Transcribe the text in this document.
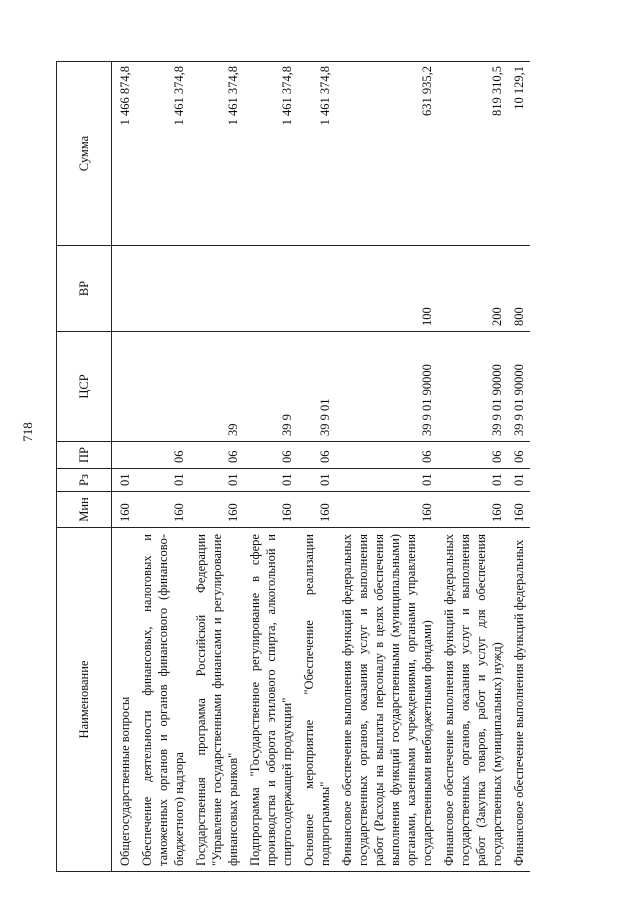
718
Наименование	Мин	Рз	ПР	ЦСР	ВР	Сумма
Общегосударственные вопросы	160	01				1 466 874,8
Обеспечение деятельности финансовых, налоговых и таможенных органов и органов финансового (финансово-бюджетного) надзора	160	01	06			1 461 374,8
Государственная программа Российской Федерации "Управление государственными финансами и регулирование финансовых рынков"	160	01	06	39		1 461 374,8
Подпрограмма "Государственное регулирование в сфере производства и оборота этилового спирта, алкогольной и спиртосодержащей продукции"	160	01	06	39 9		1 461 374,8
Основное мероприятие "Обеспечение реализации подпрограммы"	160	01	06	39 9 01		1 461 374,8
Финансовое обеспечение выполнения функций федеральных государственных органов, оказания услуг и выполнения работ (Расходы на выплаты персоналу в целях обеспечения выполнения функций государственными (муниципальными) органами, казенными учреждениями, органами управления государственными внебюджетными фондами)	160	01	06	39 9 01 90000	100	631 935,2
Финансовое обеспечение выполнения функций федеральных государственных органов, оказания услуг и выполнения работ (Закупка товаров, работ и услуг для обеспечения государственных (муниципальных) нужд)	160	01	06	39 9 01 90000	200	819 310,5
Финансовое обеспечение выполнения функций федеральных	160	01	06	39 9 01 90000	800	10 129,1
